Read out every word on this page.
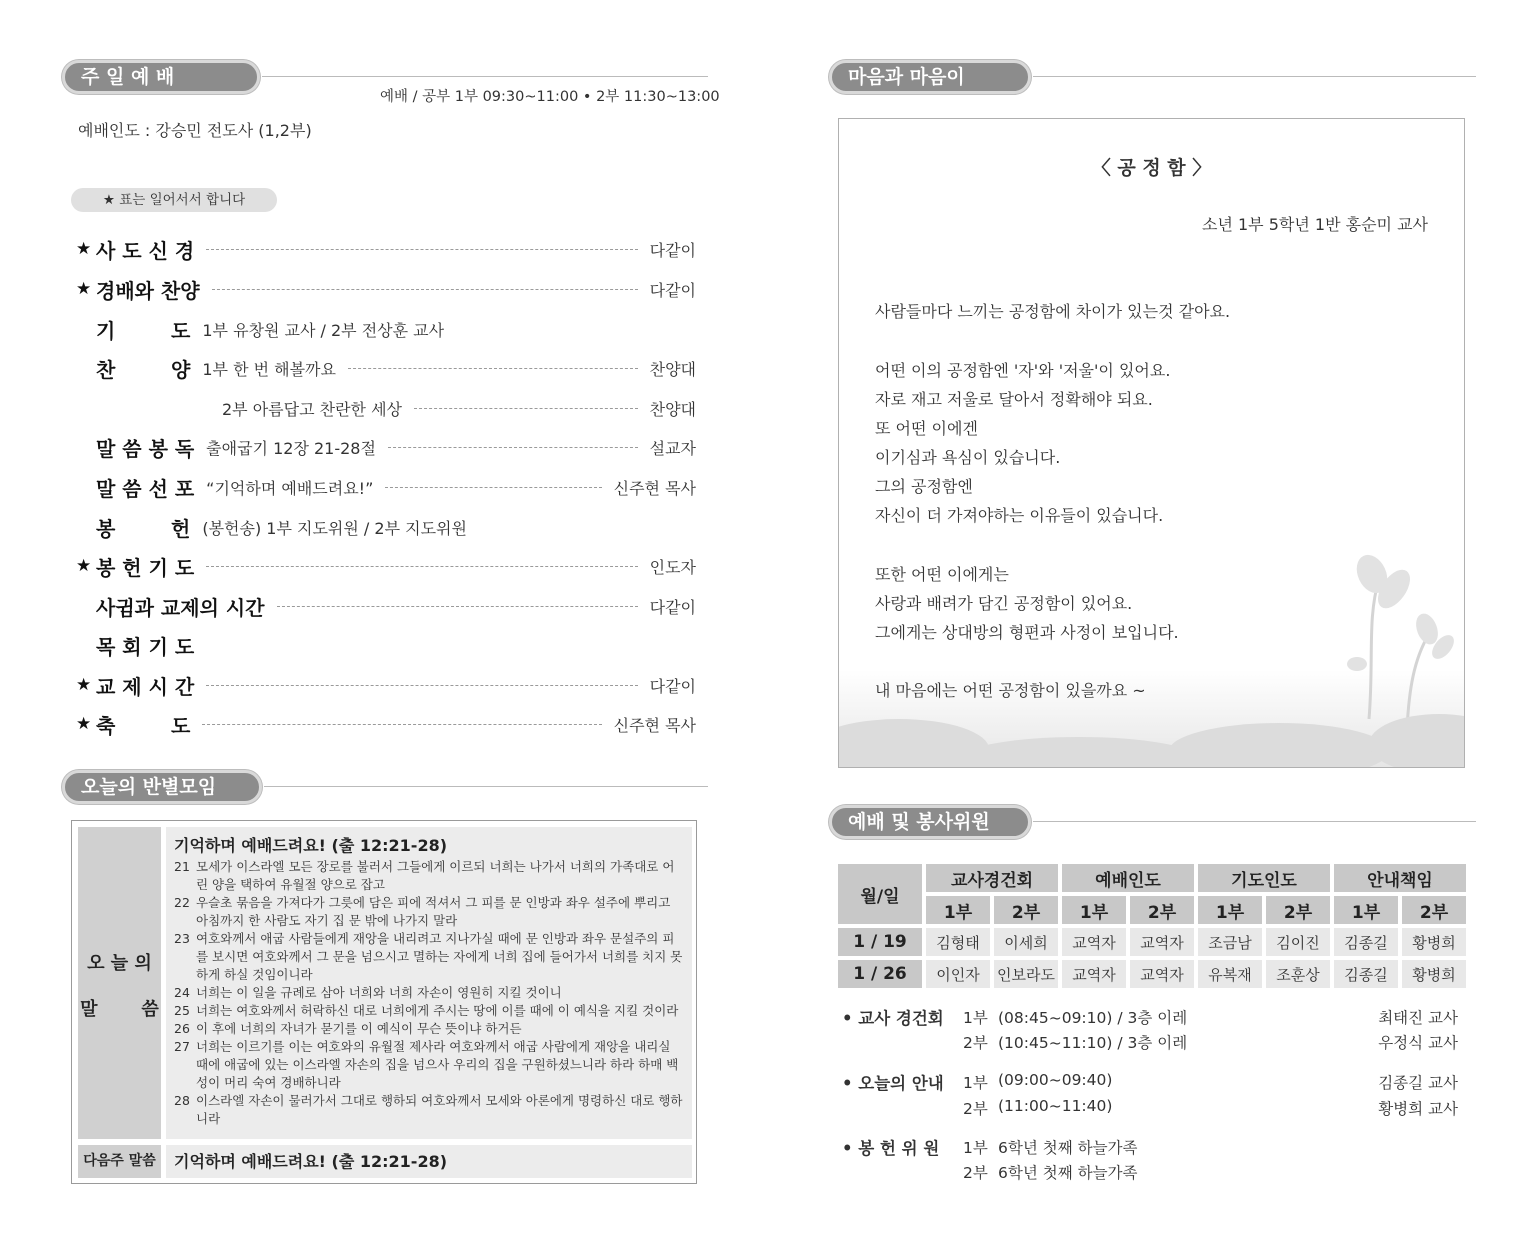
주 일 예 배
예배 / 공부 1부 09:30~11:00 • 2부 11:30~13:00
예배인도 : 강승민 전도사 (1,2부)
★ 표는 일어서서 합니다
★ 사 도 신 경	다같이
★ 경배와 찬양	다같이
기        도 1부 유창원 교사 / 2부 전상훈 교사
찬        양 1부 한 번 해볼까요	찬양대
2부 아름답고 찬란한 세상	찬양대
말 씀 봉 독 출애굽기 12장 21-28절	설교자
말 씀 선 포 “기억하며 예배드려요!”	신주현 목사
봉        헌 (봉헌송) 1부 지도위원 / 2부 지도위원
★ 봉 헌 기 도	인도자
사귐과 교제의 시간	다같이
목 회 기 도
★ 교 제 시 간	다같이
★ 축        도	신주현 목사
오늘의 반별모임
오 늘 의
말       씀
기억하며 예배드려요! (출 12:21-28)
21 모세가 이스라엘 모든 장로를 불러서 그들에게 이르되 너희는 나가서 너희의 가족대로 어린 양을 택하여 유월절 양으로 잡고
22 우슬초 묶음을 가져다가 그릇에 담은 피에 적셔서 그 피를 문 인방과 좌우 설주에 뿌리고 아침까지 한 사람도 자기 집 문 밖에 나가지 말라
23 여호와께서 애굽 사람들에게 재앙을 내리려고 지나가실 때에 문 인방과 좌우 문설주의 피를 보시면 여호와께서 그 문을 넘으시고 멸하는 자에게 너희 집에 들어가서 너희를 치지 못하게 하실 것임이니라
24 너희는 이 일을 규례로 삼아 너희와 너희 자손이 영원히 지킬 것이니
25 너희는 여호와께서 허락하신 대로 너희에게 주시는 땅에 이를 때에 이 예식을 지킬 것이라
26 이 후에 너희의 자녀가 묻기를 이 예식이 무슨 뜻이냐 하거든
27 너희는 이르기를 이는 여호와의 유월절 제사라 여호와께서 애굽 사람에게 재앙을 내리실 때에 애굽에 있는 이스라엘 자손의 집을 넘으사 우리의 집을 구원하셨느니라 하라 하매 백성이 머리 숙여 경배하니라
28 이스라엘 자손이 물러가서 그대로 행하되 여호와께서 모세와 아론에게 명령하신 대로 행하니라
다음주 말씀	기억하며 예배드려요! (출 12:21-28)
마음과 마음이
〈 공 정 함 〉
소년 1부 5학년 1반 홍순미 교사
사람들마다 느끼는 공정함에 차이가 있는것 같아요.
어떤 이의 공정함엔 '자'와 '저울'이 있어요.
자로 재고 저울로 달아서 정확해야 되요.
또 어떤 이에겐
이기심과 욕심이 있습니다.
그의 공정함엔
자신이 더 가져야하는 이유들이 있습니다.
또한 어떤 이에게는
사랑과 배려가 담긴 공정함이 있어요.
그에게는 상대방의 형편과 사정이 보입니다.
내 마음에는 어떤 공정함이 있을까요 ~
예배 및 봉사위원
월/일	교사경건회		예배인도		기도인도		안내책임	
	1부	2부	1부	2부	1부	2부	1부	2부
1 / 19	김형태	이세희	교역자	교역자	조금남	김이진	김종길	황병희
1 / 26	이인자	인보라도	교역자	교역자	유복재	조훈상	김종길	황병희
• 교사 경건회 1부 (08:45~09:10) / 3층 이레	최태진 교사
2부 (10:45~11:10) / 3층 이레	우정식 교사
• 오늘의 안내 1부 (09:00~09:40)	김종길 교사
2부 (11:00~11:40)	황병희 교사
• 봉 헌 위 원 1부 6학년 첫째 하늘가족
2부 6학년 첫째 하늘가족
